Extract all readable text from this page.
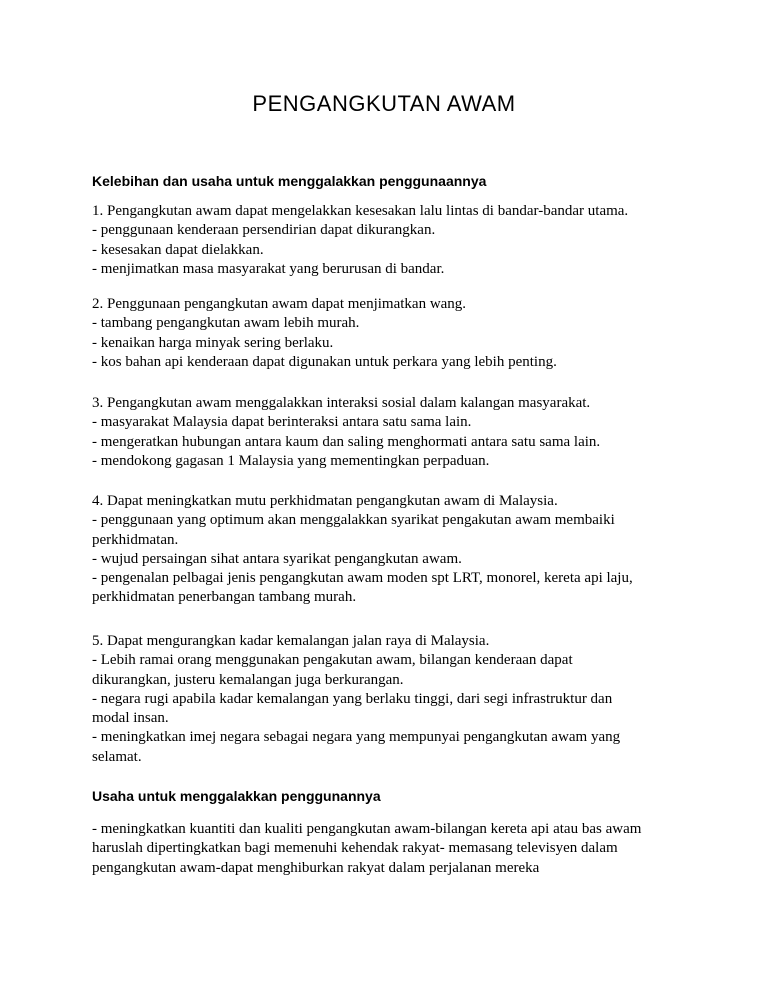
PENGANGKUTAN AWAM
Kelebihan dan usaha untuk menggalakkan penggunaannya
1. Pengangkutan awam dapat mengelakkan kesesakan lalu lintas di bandar-bandar utama.
- penggunaan kenderaan persendirian dapat dikurangkan.
- kesesakan dapat dielakkan.
- menjimatkan masa masyarakat yang berurusan di bandar.
2. Penggunaan pengangkutan awam dapat menjimatkan wang.
- tambang pengangkutan awam lebih murah.
- kenaikan harga minyak sering berlaku.
- kos bahan api kenderaan dapat digunakan untuk perkara yang lebih penting.
3. Pengangkutan awam menggalakkan interaksi sosial dalam kalangan masyarakat.
- masyarakat Malaysia dapat berinteraksi antara satu sama lain.
- mengeratkan hubungan antara kaum dan saling menghormati antara satu sama lain.
- mendokong gagasan 1 Malaysia yang mementingkan perpaduan.
4. Dapat meningkatkan mutu perkhidmatan pengangkutan awam di Malaysia.
- penggunaan yang optimum akan menggalakkan syarikat pengakutan awam membaiki
perkhidmatan.
- wujud persaingan sihat antara syarikat pengangkutan awam.
- pengenalan pelbagai jenis pengangkutan awam moden spt LRT, monorel, kereta api laju,
perkhidmatan penerbangan tambang murah.
5. Dapat mengurangkan kadar kemalangan jalan raya di Malaysia.
- Lebih ramai orang menggunakan pengakutan awam, bilangan kenderaan dapat
dikurangkan, justeru kemalangan juga berkurangan.
- negara rugi apabila kadar kemalangan yang berlaku tinggi, dari segi infrastruktur dan
modal insan.
- meningkatkan imej negara sebagai negara yang mempunyai pengangkutan awam yang
selamat.
Usaha untuk menggalakkan penggunannya
- meningkatkan kuantiti dan kualiti pengangkutan awam-bilangan kereta api atau bas awam
haruslah dipertingkatkan bagi memenuhi kehendak rakyat- memasang televisyen dalam
pengangkutan awam-dapat menghiburkan rakyat dalam perjalanan mereka
